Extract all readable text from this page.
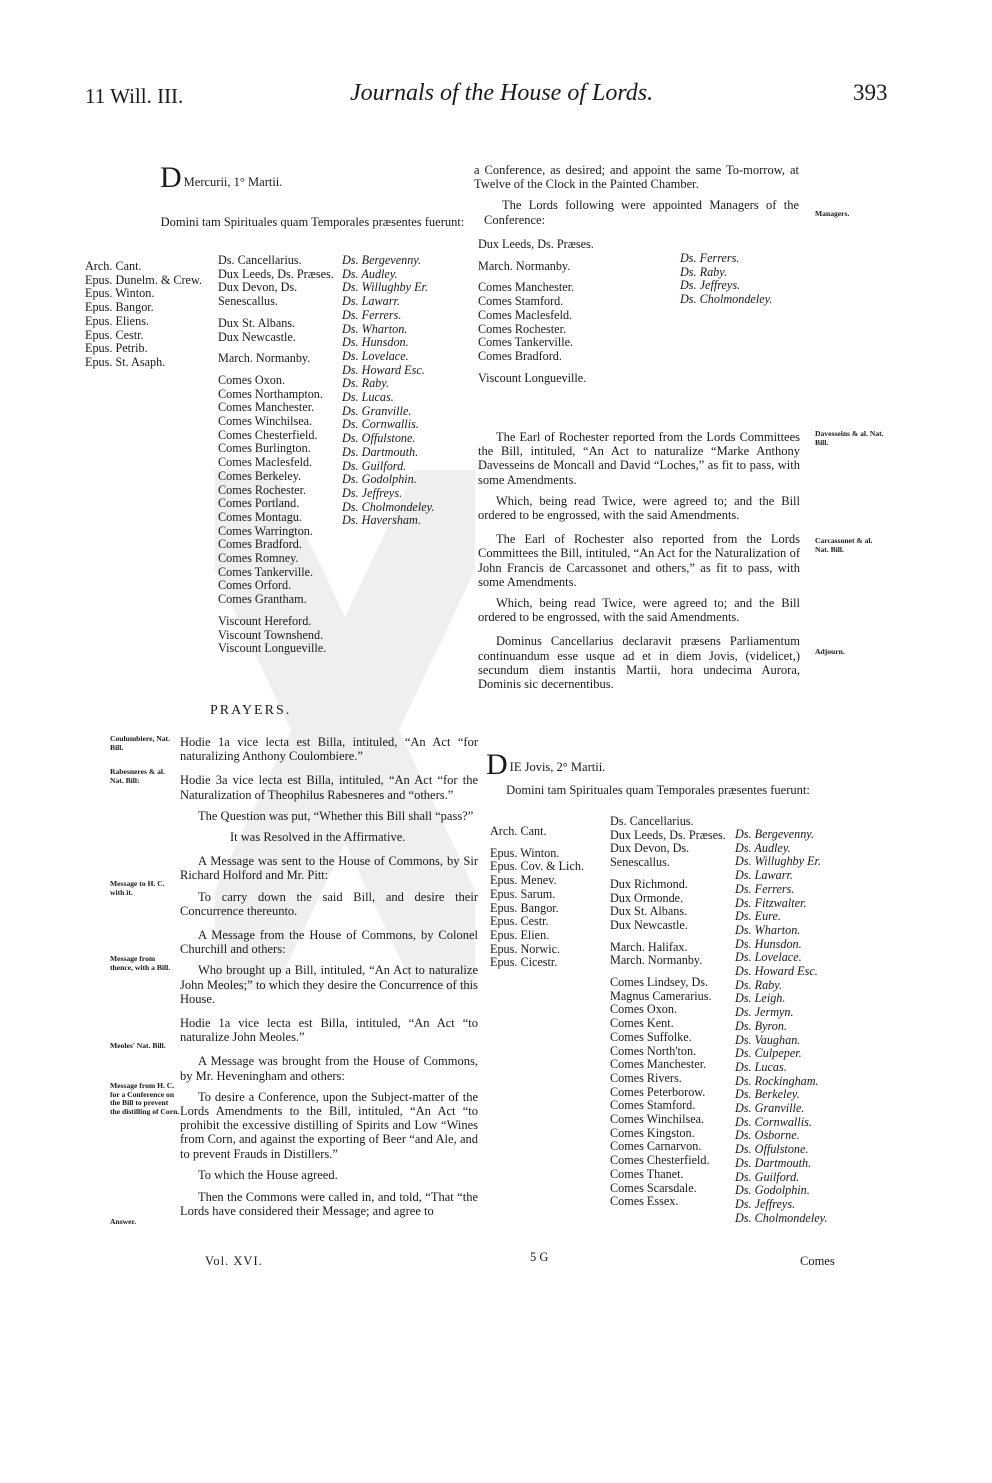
11 Will. III.	Journals of the House of Lords.	393
D $_{Mercurii, 1^\circ Martii.}$
Domini tam Spirituales quam Temporales præsentes fuerunt:
Arch. Cant.
Epus. Dunelm. & Crew.
Epus. Winton.
Epus. Bangor.
Epus. Eliens.
Epus. Cestr.
Epus. Petrib.
Epus. St. Asaph.
Ds. Cancellarius.
Dux Leeds, Ds. Præses.
Dux Devon, Ds. Senescallus.
Dux St. Albans.
Dux Newcastle.
March. Normanby.
Comes Oxon.
Comes Northampton.
Comes Manchester.
Comes Winchilsea.
Comes Chesterfield.
Comes Burlington.
Comes Maclesfeld.
Comes Berkeley.
Comes Rochester.
Comes Portland.
Comes Montagu.
Comes Warrington.
Comes Bradford.
Comes Romney.
Comes Tankerville.
Comes Orford.
Comes Grantham.
Viscount Hereford.
Viscount Townshend.
Viscount Longueville.
Ds. Bergevenny.
Ds. Audley.
Ds. Willughby Er.
Ds. Lawarr.
Ds. Ferrers.
Ds. Wharton.
Ds. Hunsdon.
Ds. Lovelace.
Ds. Howard Esc.
Ds. Raby.
Ds. Lucas.
Ds. Granville.
Ds. Cornwallis.
Ds. Offulstone.
Ds. Dartmouth.
Ds. Guilford.
Ds. Godolphin.
Ds. Jeffreys.
Ds. Cholmondeley.
Ds. Haversham.
PRAYERS.

Hodie 1a vice lecta est Billa, intituled, “An Act “for naturalizing Anthony Coulombiere.”

Hodie 3a vice lecta est Billa, intituled, “An Act “for the Naturalization of Theophilus Rabesneres and “others.”

The Question was put, “Whether this Bill shall “pass?”

It was Resolved in the Affirmative.

A Message was sent to the House of Commons, by Sir Richard Holford and Mr. Pitt:

To carry down the said Bill, and desire their Concurrence thereunto.

A Message from the House of Commons, by Colonel Churchill and others:

Who brought up a Bill, intituled, “An Act to naturalize John Meoles;” to which they desire the Concurrence of this House.

Hodie 1a vice lecta est Billa, intituled, “An Act “to naturalize John Meoles.”

A Message was brought from the House of Commons, by Mr. Heveningham and others:

To desire a Conference, upon the Subject-matter of the Lords Amendments to the Bill, intituled, “An Act “to prohibit the excessive distilling of Spirits and Low “Wines from Corn, and against the exporting of Beer “and Ale, and to prevent Frauds in Distillers.”

To which the House agreed.

Then the Commons were called in, and told, “That “the Lords have considered their Message; and agree to

Vol. XVI.
Coulumbiere, Nat. Bill.
Rabesneres & al. Nat. Bill:
Message to H. C. with it.
Message from thence, with a Bill.
Meoles' Nat. Bill.
Message from H. C. for a Conference on the Bill to prevent the distilling of Corn.
Answer.

a Conference, as desired; and appoint the same To-morrow, at Twelve of the Clock in the Painted Chamber.

The Lords following were appointed Managers of the Conference:

Dux Leeds, Ds. Præses.
March. Normanby.
Comes Manchester.
Comes Stamford.
Comes Maclesfeld.
Comes Rochester.
Comes Tankerville.
Comes Bradford.
Viscount Longueville.
Ds. Ferrers.
Ds. Raby.
Ds. Jeffreys.
Ds. Cholmondeley.

The Earl of Rochester reported from the Lords Committees the Bill, intituled, “An Act to naturalize “Marke Anthony Davesseins de Moncall and David “Loches,” as fit to pass, with some Amendments.

Which, being read Twice, were agreed to; and the Bill ordered to be engrossed, with the said Amendments.

The Earl of Rochester also reported from the Lords Committees the Bill, intituled, “An Act for the Naturalization of John Francis de Carcassonet and others,” as fit to pass, with some Amendments.

Which, being read Twice, were agreed to; and the Bill ordered to be engrossed, with the said Amendments.

Dominus Cancellarius declaravit præsens Parliamentum continuandum esse usque ad et in diem Jovis, (videlicet,) secundum diem instantis Martii, hora undecima Aurora, Dominis sic decernentibus.

Managers.
Davesseins & al. Nat. Bill.
Carcassonet & al. Nat. Bill.
Adjourn.
D $_{IE Jovis, 2^\circ Martii.}$
Domini tam Spirituales quam Temporales præsentes fuerunt:
Arch. Cant.
Epus. Winton.
Epus. Cov. & Lich.
Epus. Menev.
Epus. Sarum.
Epus. Bangor.
Epus. Cestr.
Epus. Elien.
Epus. Norwic.
Epus. Cicestr.
Ds. Cancellarius.
Dux Leeds, Ds. Præses.
Dux Devon, Ds. Senescallus.
Dux Richmond.
Dux Ormonde.
Dux St. Albans.
Dux Newcastle.
March. Halifax.
March. Normanby.
Comes Lindsey, Ds. Magnus Camerarius.
Comes Oxon.
Comes Kent.
Comes Suffolke.
Comes North'ton.
Comes Manchester.
Comes Rivers.
Comes Peterborow.
Comes Stamford.
Comes Winchilsea.
Comes Kingston.
Comes Carnarvon.
Comes Chesterfield.
Comes Thanet.
Comes Scarsdale.
Comes Essex.
Ds. Bergevenny.
Ds. Audley.
Ds. Willughby Er.
Ds. Lawarr.
Ds. Ferrers.
Ds. Fitzwalter.
Ds. Eure.
Ds. Wharton.
Ds. Hunsdon.
Ds. Lovelace.
Ds. Howard Esc.
Ds. Raby.
Ds. Leigh.
Ds. Jermyn.
Ds. Byron.
Ds. Vaughan.
Ds. Culpeper.
Ds. Lucas.
Ds. Rockingham.
Ds. Berkeley.
Ds. Granville.
Ds. Cornwallis.
Ds. Osborne.
Ds. Offulstone.
Ds. Dartmouth.
Ds. Guilford.
Ds. Godolphin.
Ds. Jeffreys.
Ds. Cholmondeley.
5 G	Comes
